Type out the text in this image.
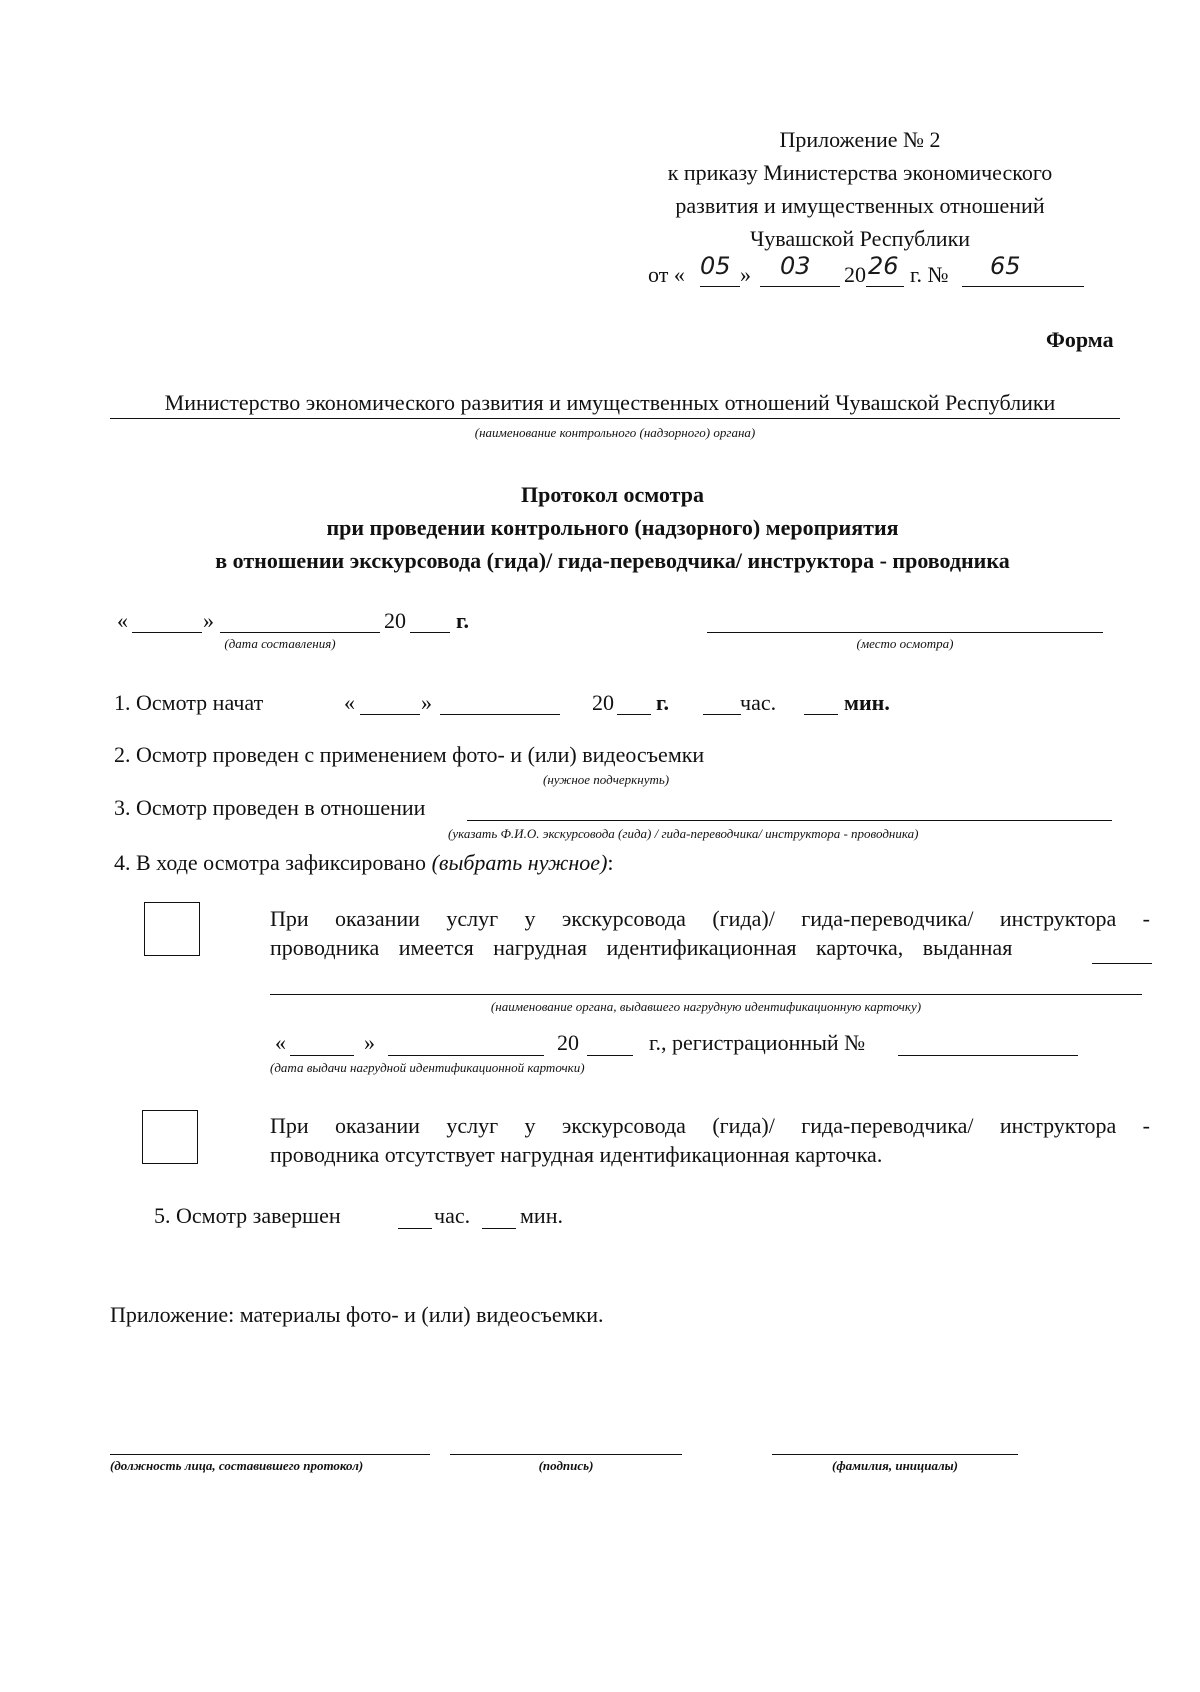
Приложение № 2
к приказу Министерства экономического
развития и имущественных отношений
Чувашской Республики
от « 05 » 03 20 26 г. № 65
Форма
Министерство экономического развития и имущественных отношений Чувашской Республики
(наименование контрольного (надзорного) органа)
Протокол осмотра
при проведении контрольного (надзорного) мероприятия
в отношении экскурсовода (гида)/ гида-переводчика/ инструктора - проводника
«	»	20 г.
(дата составления)	(место осмотра)
1. Осмотр начат	«	»	20 г.	час.	мин.
2. Осмотр проведен с применением фото- и (или) видеосъемки
(нужное подчеркнуть)
3. Осмотр проведен в отношении
(указать Ф.И.О. экскурсовода (гида) / гида-переводчика/ инструктора - проводника)
4. В ходе осмотра зафиксировано (выбрать нужное):
При оказании услуг у экскурсовода (гида)/ гида-переводчика/ инструктора -
проводника имеется нагрудная идентификационная карточка, выданная
(наименование органа, выдавшего нагрудную идентификационную карточку)
«	»	20	г., регистрационный №
(дата выдачи нагрудной идентификационной карточки)
При оказании услуг у экскурсовода (гида)/ гида-переводчика/ инструктора -
проводника отсутствует нагрудная идентификационная карточка.
5. Осмотр завершен	час. мин.
Приложение: материалы фото- и (или) видеосъемки.
(должность лица, составившего протокол)	(подпись)	(фамилия, инициалы)
